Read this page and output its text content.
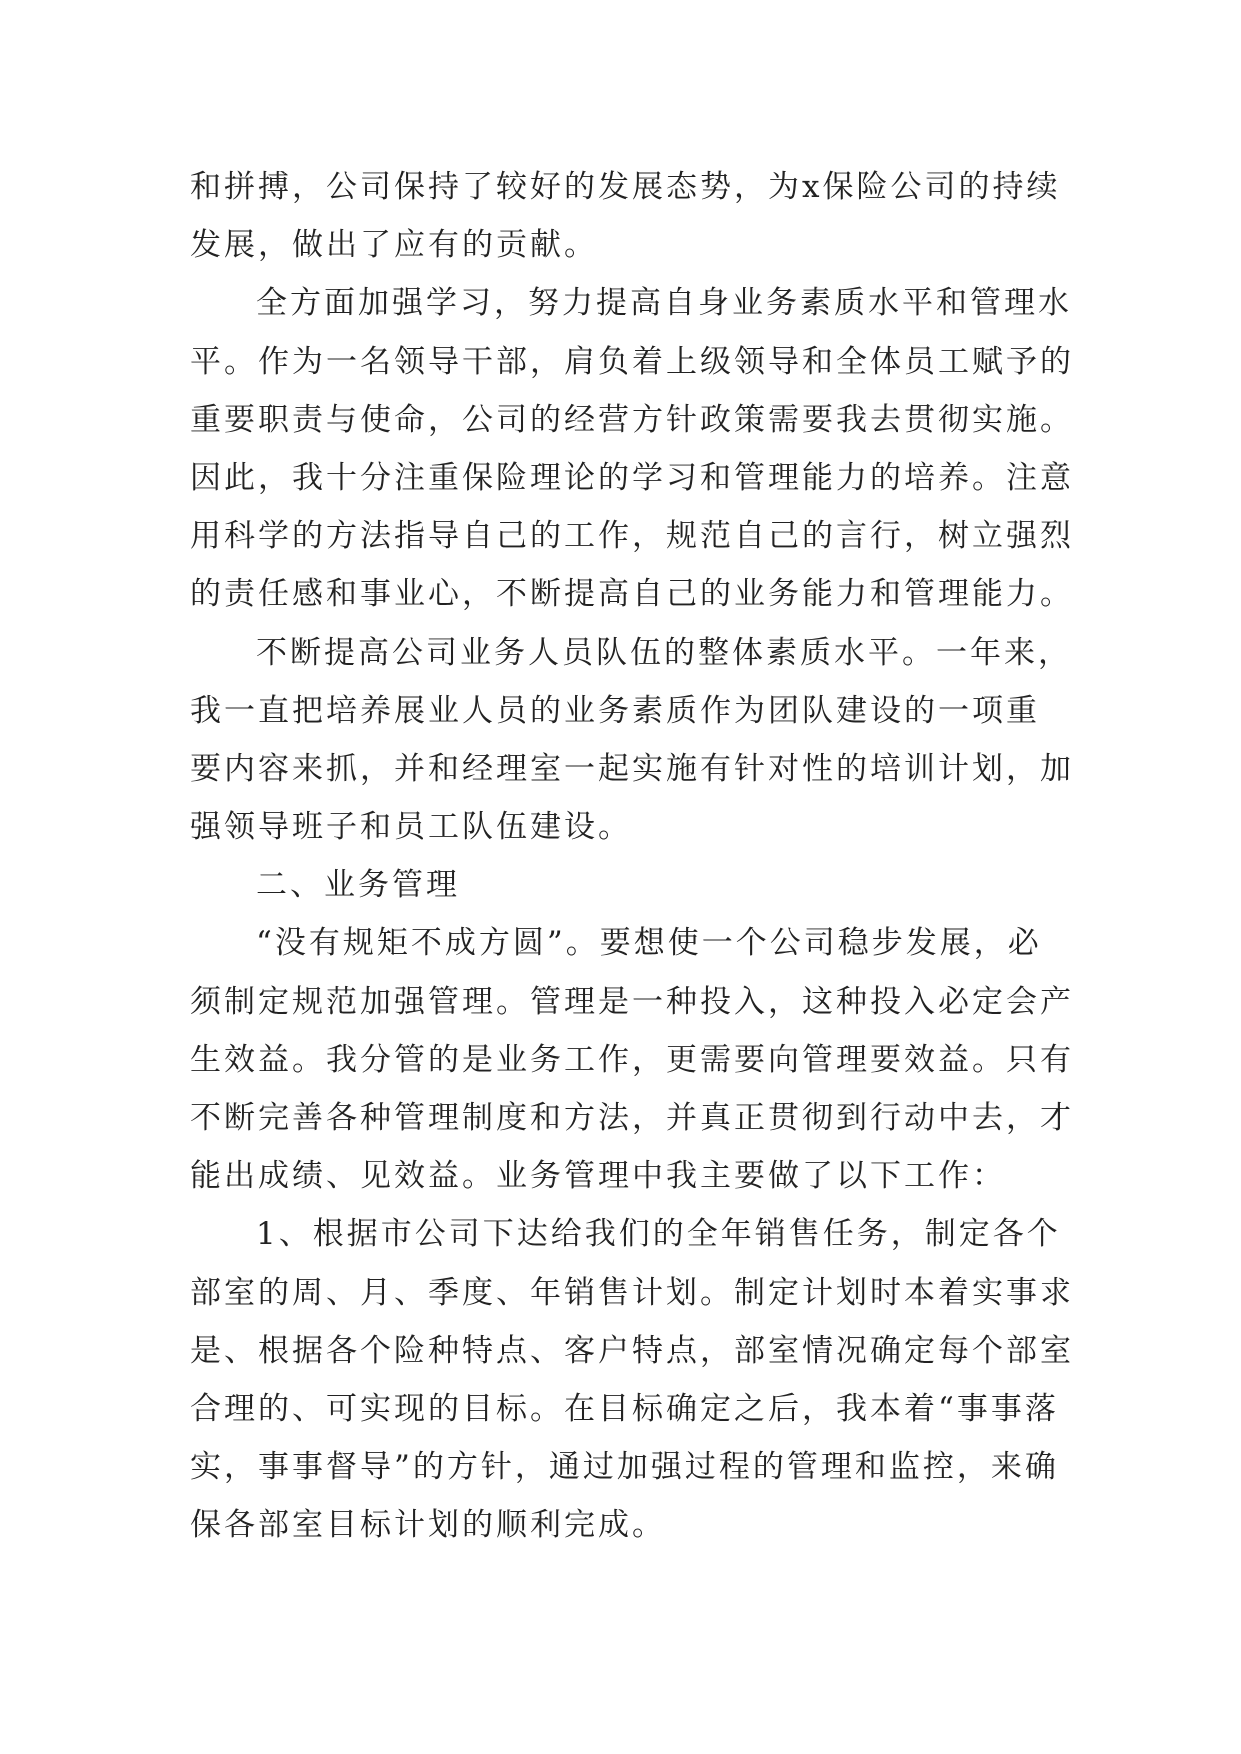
和拼搏，公司保持了较好的发展态势，为x保险公司的持续
发展，做出了应有的贡献。
全方面加强学习，努力提高自身业务素质水平和管理水
平。作为一名领导干部，肩负着上级领导和全体员工赋予的
重要职责与使命，公司的经营方针政策需要我去贯彻实施。
因此，我十分注重保险理论的学习和管理能力的培养。注意
用科学的方法指导自己的工作，规范自己的言行，树立强烈
的责任感和事业心，不断提高自己的业务能力和管理能力。
不断提高公司业务人员队伍的整体素质水平。一年来，
我一直把培养展业人员的业务素质作为团队建设的一项重
要内容来抓，并和经理室一起实施有针对性的培训计划，加
强领导班子和员工队伍建设。
二、业务管理
“没有规矩不成方圆”。要想使一个公司稳步发展，必
须制定规范加强管理。管理是一种投入，这种投入必定会产
生效益。我分管的是业务工作，更需要向管理要效益。只有
不断完善各种管理制度和方法，并真正贯彻到行动中去，才
能出成绩、见效益。业务管理中我主要做了以下工作：
1、根据市公司下达给我们的全年销售任务，制定各个
部室的周、月、季度、年销售计划。制定计划时本着实事求
是、根据各个险种特点、客户特点，部室情况确定每个部室
合理的、可实现的目标。在目标确定之后，我本着“事事落
实，事事督导”的方针，通过加强过程的管理和监控，来确
保各部室目标计划的顺利完成。
